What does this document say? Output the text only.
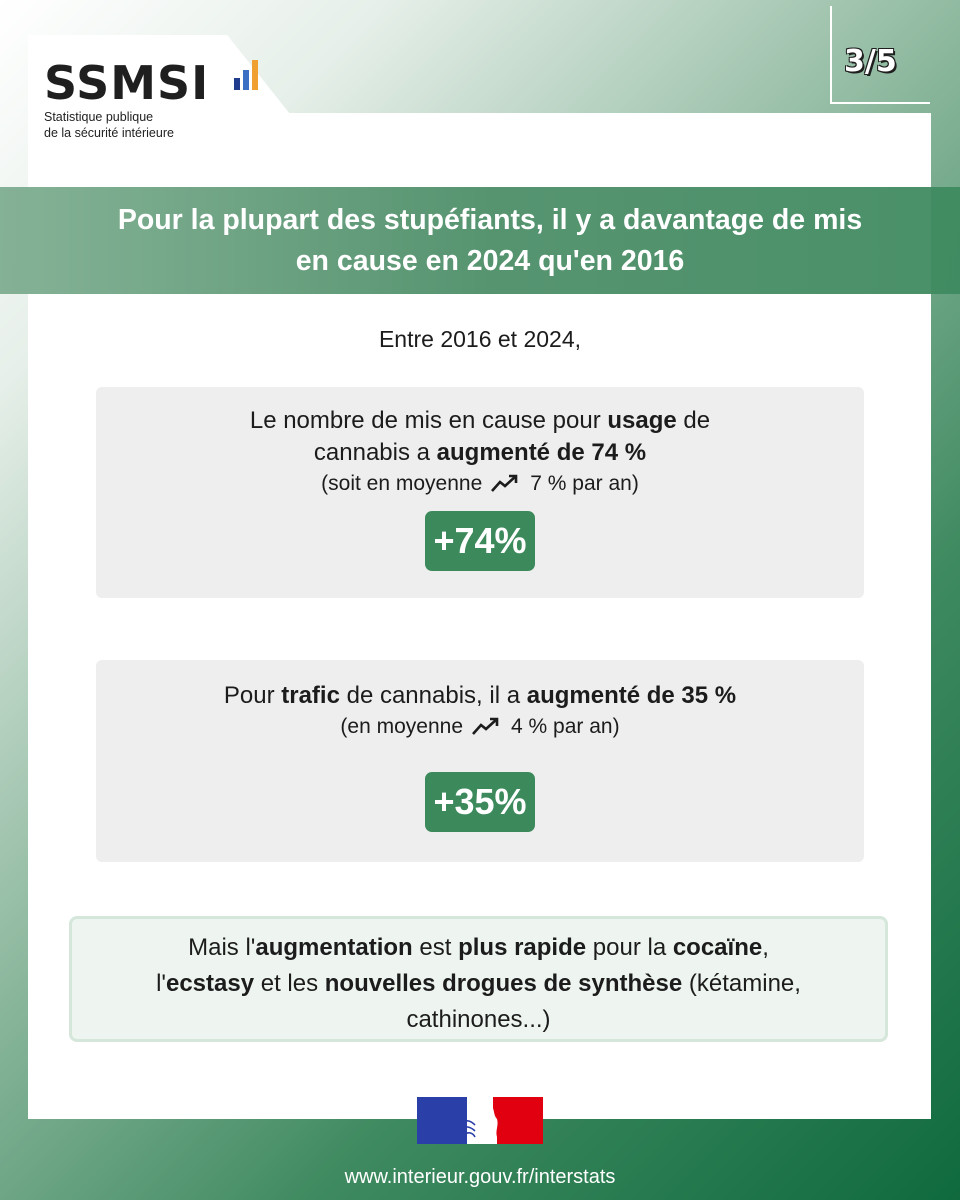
SSMSI
Statistique publique
de la sécurité intérieure
3/5
Pour la plupart des stupéfiants, il y a davantage de mis
en cause en 2024 qu'en 2016
Entre 2016 et 2024,
Le nombre de mis en cause pour usage de
cannabis a augmenté de 74 %
(soit en moyenne 7 % par an)
+74%
Pour trafic de cannabis, il a augmenté de 35 %
(en moyenne 4 % par an)
+35%
Mais l'augmentation est plus rapide pour la cocaïne,
l'ecstasy et les nouvelles drogues de synthèse (kétamine,
cathinones...)
www.interieur.gouv.fr/interstats
